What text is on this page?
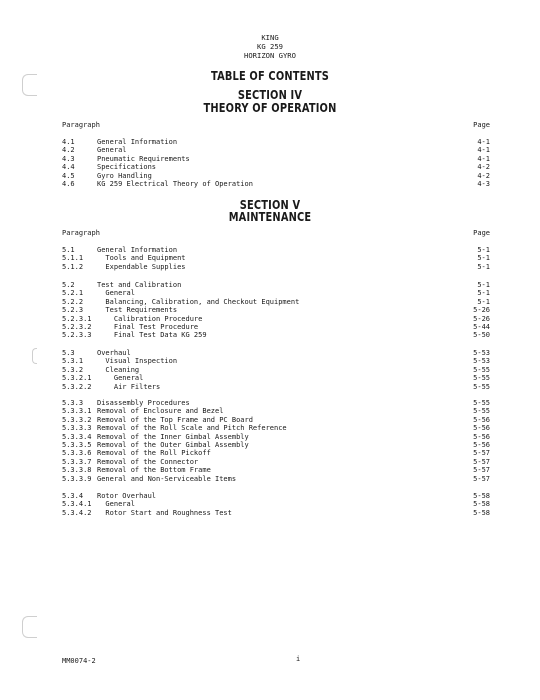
KING
KG 259
HORIZON GYRO
TABLE OF CONTENTS
SECTION IV
THEORY OF OPERATION
Paragraph	Page
4.1	General Information	4-1
4.2	General	4-1
4.3	Pneumatic Requirements	4-1
4.4	Specifications	4-2
4.5	Gyro Handling	4-2
4.6	KG 259 Electrical Theory of Operation	4-3
SECTION V
MAINTENANCE
Paragraph	Page
5.1	General Information	5-1
5.1.1 Tools and Equipment	5-1
5.1.2 Expendable Supplies	5-1
5.2	Test and Calibration	5-1
5.2.1 General	5-1
5.2.2 Balancing, Calibration, and Checkout Equipment	5-1
5.2.3 Test Requirements	5-26
5.2.3.1 Calibration Procedure	5-26
5.2.3.2 Final Test Procedure	5-44
5.2.3.3 Final Test Data KG 259	5-50
5.3	Overhaul	5-53
5.3.1 Visual Inspection	5-53
5.3.2 Cleaning	5-55
5.3.2.1 General	5-55
5.3.2.2 Air Filters	5-55
5.3.3 Disassembly Procedures	5-55
5.3.3.1 Removal of Enclosure and Bezel	5-55
5.3.3.2 Removal of the Top Frame and PC Board	5-56
5.3.3.3 Removal of the Roll Scale and Pitch Reference	5-56
5.3.3.4 Removal of the Inner Gimbal Assembly	5-56
5.3.3.5 Removal of the Outer Gimbal Assembly	5-56
5.3.3.6 Removal of the Roll Pickoff	5-57
5.3.3.7 Removal of the Connector	5-57
5.3.3.8 Removal of the Bottom Frame	5-57
5.3.3.9 General and Non-Serviceable Items	5-57
5.3.4 Rotor Overhaul	5-58
5.3.4.1 General	5-58
5.3.4.2 Rotor Start and Roughness Test	5-58
MM0074-2	i
